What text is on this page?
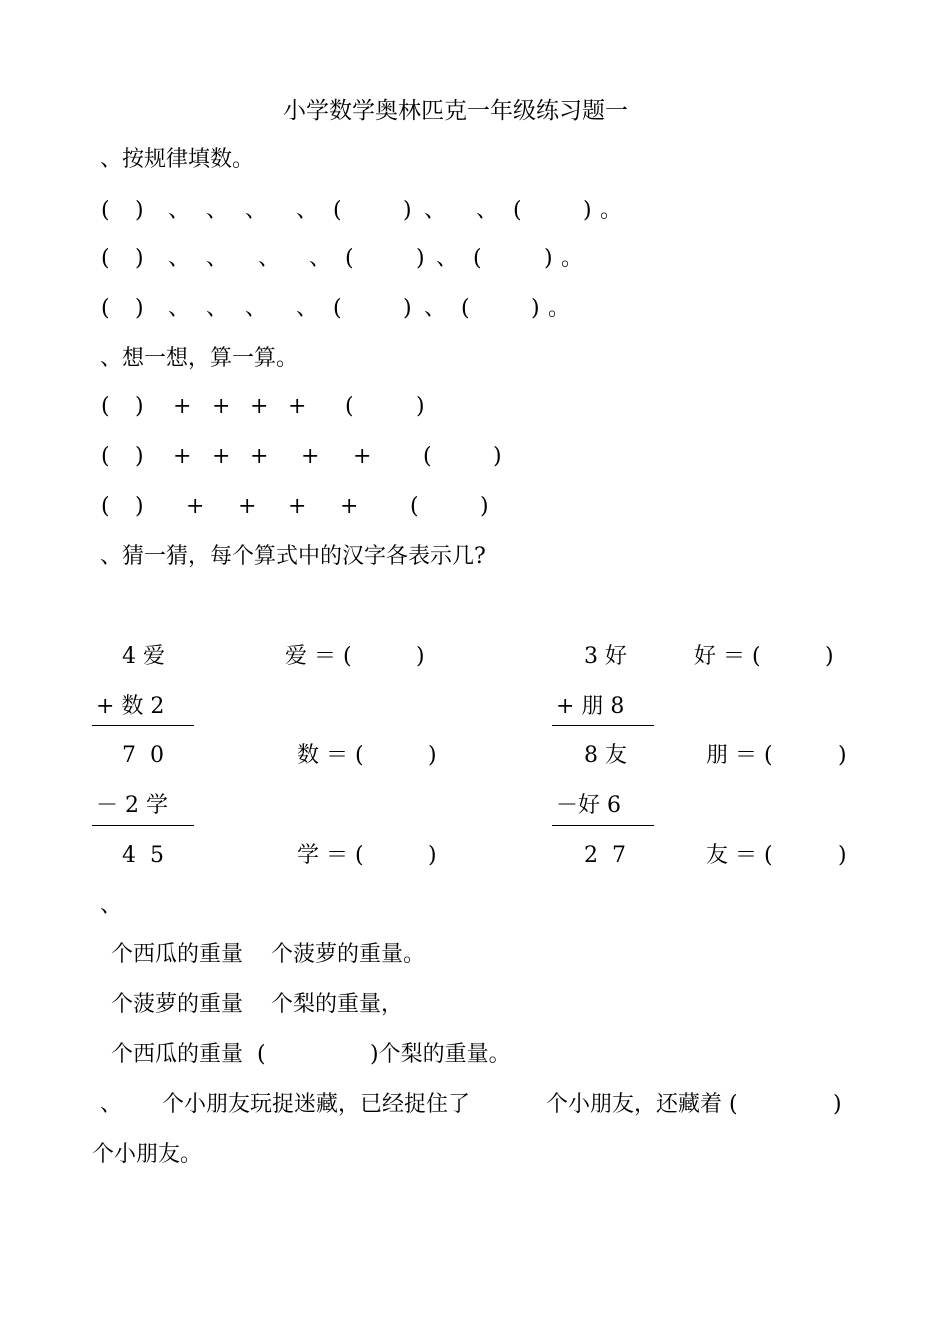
小学数学奥林匹克一年级练习题一
、按规律填数。
( ) 、 、 、 、 (	) 、 、 (	) 。
( ) 、 、 、 、 (	) 、 (	) 。
( ) 、 、 、 、 (	) 、 (	) 。
、想一想，算一算。
( ) + + + + (	)
( ) + + + + + (	)
( ) + + + + (	)
、猜一猜，每个算式中的汉字各表示几?
4 爱
+ 数 2
7  0
－ 2 学
4  5
爱 ＝ (	)
数 ＝ (	)
学 ＝ (	)
3 好
+ 朋 8
8 友
－好 6
2  7
好 ＝ (	)
朋 ＝ (	)
友 ＝ (	)
、
个西瓜的重量    个菠萝的重量。
个菠萝的重量    个梨的重量，
个西瓜的重量  (	)个梨的重量。
、 个小朋友玩捉迷藏，已经捉住了	个小朋友，还藏着 (	)
个小朋友。
